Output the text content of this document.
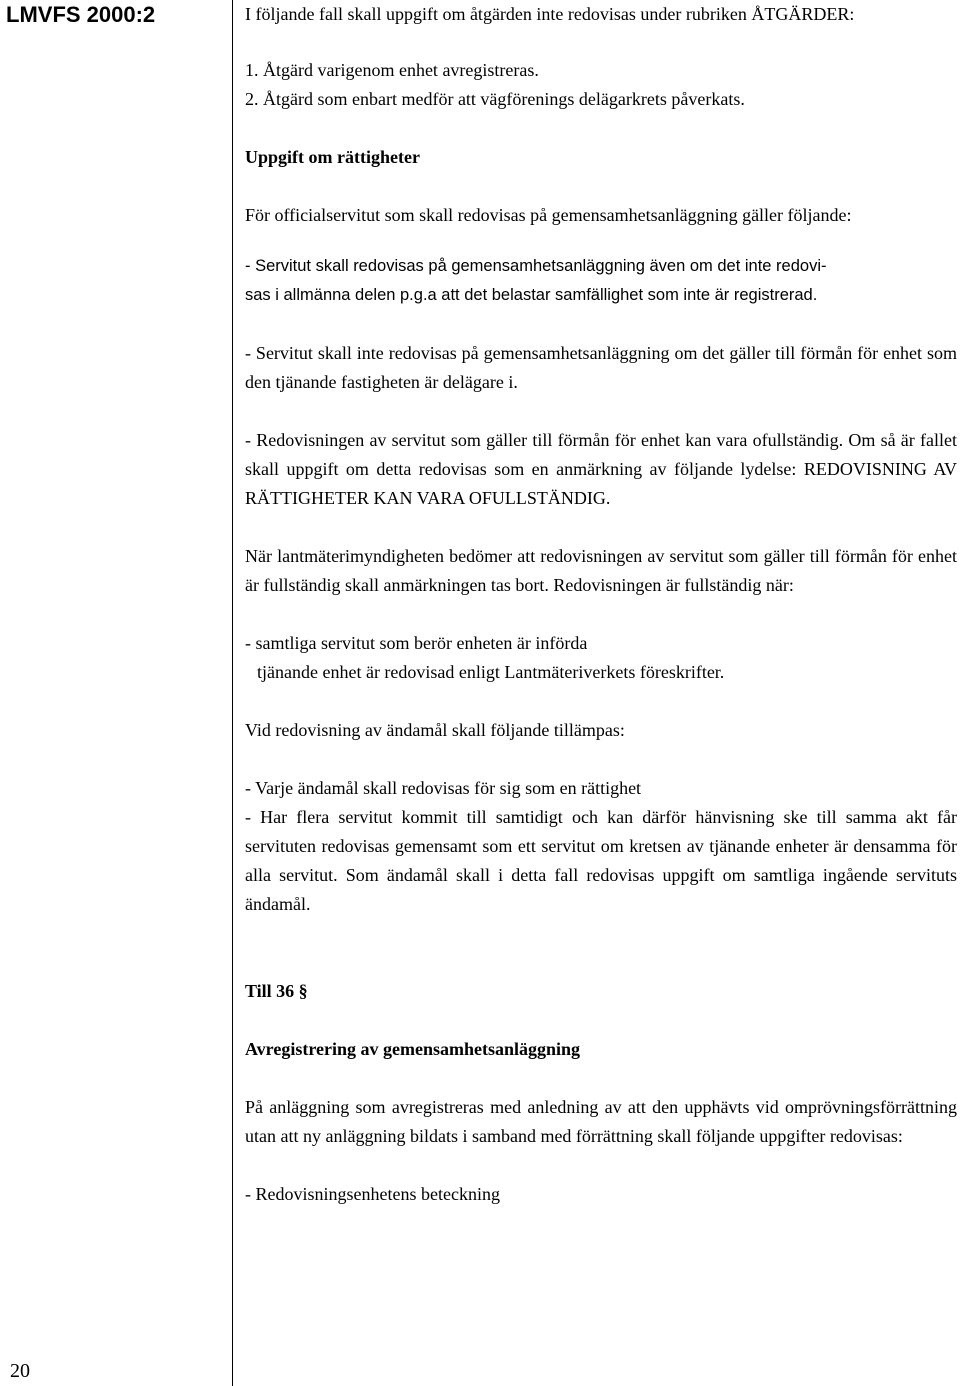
LMVFS 2000:2
20

I följande fall skall uppgift om åtgärden inte redovisas under rubriken ÅTGÄRDER:

1. Åtgärd varigenom enhet avregistreras.

2. Åtgärd som enbart medför att vägförenings delägarkrets påverkats.

Uppgift om rättigheter

För officialservitut som skall redovisas på gemensamhetsanläggning gäller följande:

- Servitut skall redovisas på gemensamhetsanläggning även om det inte redovi-

sas i allmänna delen p.g.a att det belastar samfällighet som inte är registrerad.

- Servitut skall inte redovisas på gemensamhetsanläggning om det gäller till förmån för enhet som den tjänande fastigheten är delägare i.

- Redovisningen av servitut som gäller till förmån för enhet kan vara ofullständig. Om så är fallet skall uppgift om detta redovisas som en anmärkning av följande lydelse: REDOVISNING AV RÄTTIGHETER KAN VARA OFULLSTÄNDIG.

När lantmäterimyndigheten bedömer att redovisningen av servitut som gäller till förmån för enhet är fullständig skall anmärkningen tas bort. Redovisningen är fullständig när:

- samtliga servitut som berör enheten är införda

tjänande enhet är redovisad enligt Lantmäteriverkets föreskrifter.

Vid redovisning av ändamål skall följande tillämpas:

- Varje ändamål skall redovisas för sig som en rättighet

- Har flera servitut kommit till samtidigt och kan därför hänvisning ske till samma akt får servituten redovisas gemensamt som ett servitut om kretsen av tjänande enheter är densamma för alla servitut. Som ändamål skall i detta fall redovisas uppgift om samtliga ingående servituts ändamål.

Till 36 §

Avregistrering av gemensamhetsanläggning

På anläggning som avregistreras med anledning av att den upphävts vid omprövningsförrättning utan att ny anläggning bildats i samband med förrättning skall följande uppgifter redovisas:

- Redovisningsenhetens beteckning
